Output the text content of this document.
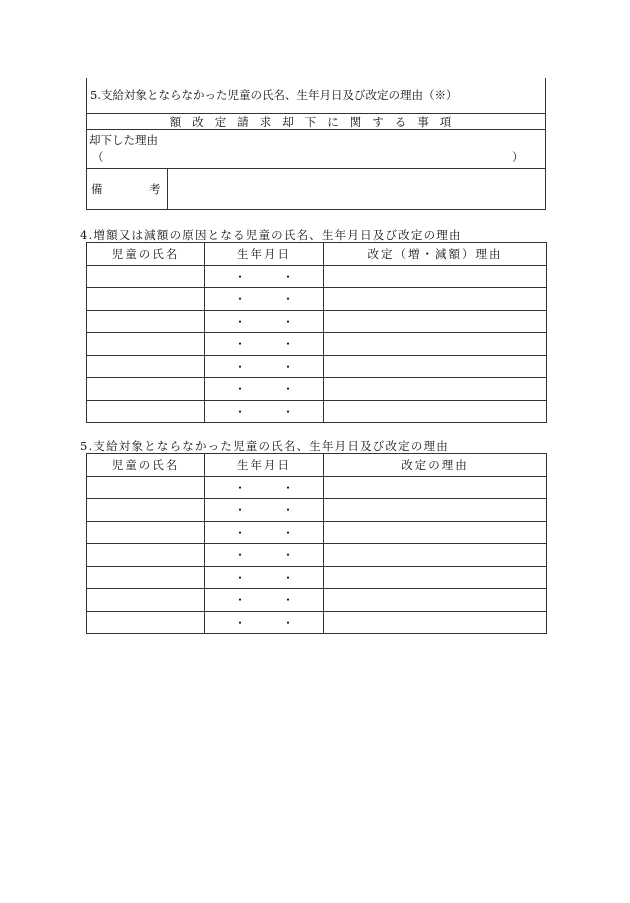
5.支給対象とならなかった児童の氏名、生年月日及び改定の理由（※）
額改定請求却下に関する事項
却下した理由
（	）
備	考
4.増額又は減額の原因となる児童の氏名、生年月日及び改定の理由
児童の氏名	生年月日	改定（増・減額）理由

	・ ・	

	・ ・	

	・ ・	

	・ ・	

	・ ・	

	・ ・	

	・ ・	

5.支給対象とならなかった児童の氏名、生年月日及び改定の理由
児童の氏名	生年月日	改定の理由

	・ ・	

	・ ・	

	・ ・	

	・ ・	

	・ ・	

	・ ・	

	・ ・	
